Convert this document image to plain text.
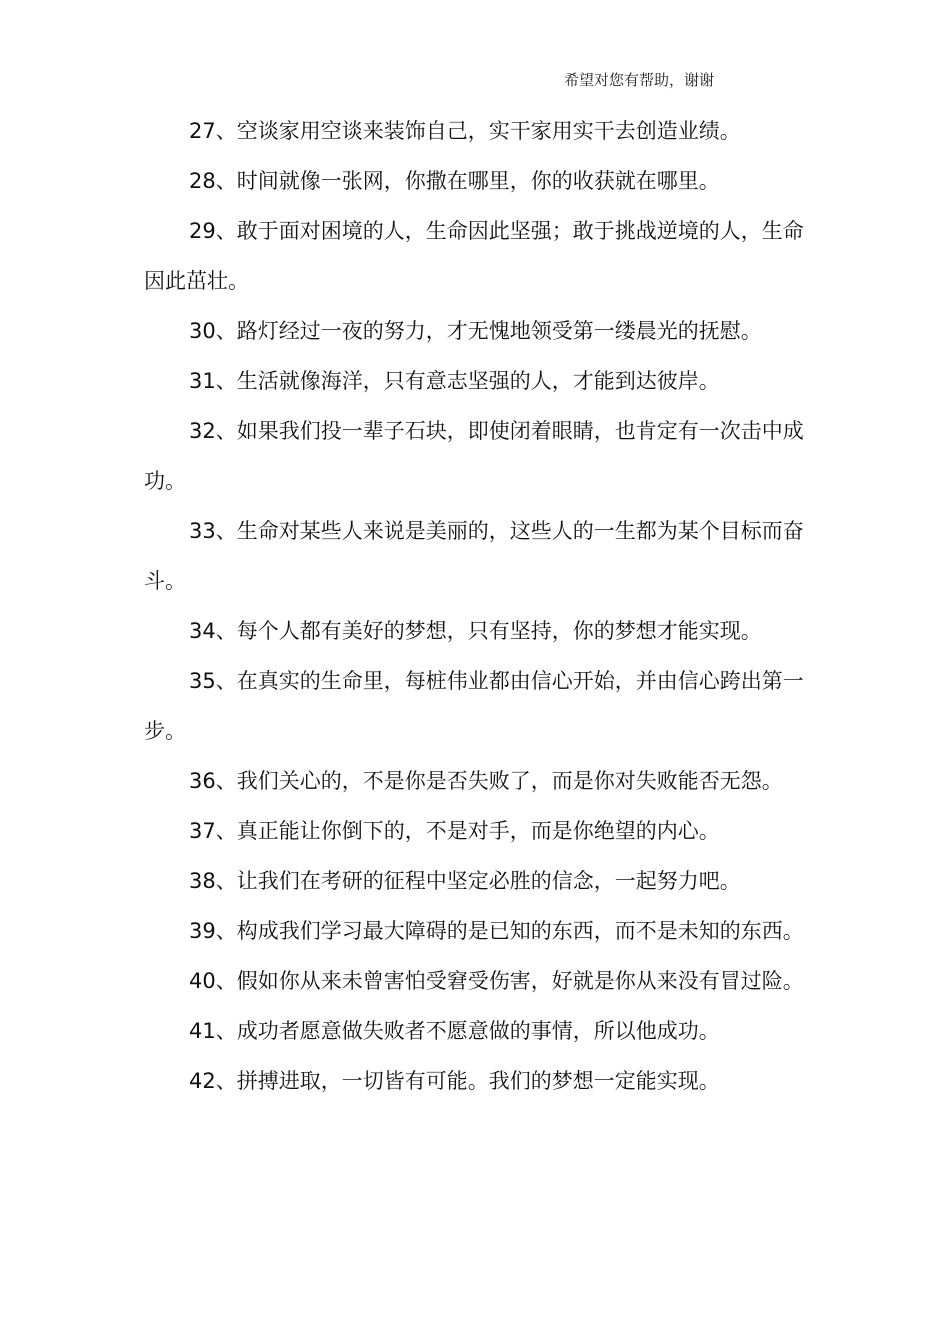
希望对您有帮助，谢谢

27、空谈家用空谈来装饰自己，实干家用实干去创造业绩。

28、时间就像一张网，你撒在哪里，你的收获就在哪里。

29、敢于面对困境的人，生命因此坚强；敢于挑战逆境的人，生命因此茁壮。

30、路灯经过一夜的努力，才无愧地领受第一缕晨光的抚慰。

31、生活就像海洋，只有意志坚强的人，才能到达彼岸。

32、如果我们投一辈子石块，即使闭着眼睛，也肯定有一次击中成功。

33、生命对某些人来说是美丽的，这些人的一生都为某个目标而奋斗。

34、每个人都有美好的梦想，只有坚持，你的梦想才能实现。

35、在真实的生命里，每桩伟业都由信心开始，并由信心跨出第一步。

36、我们关心的，不是你是否失败了，而是你对失败能否无怨。

37、真正能让你倒下的，不是对手，而是你绝望的内心。

38、让我们在考研的征程中坚定必胜的信念，一起努力吧。

39、构成我们学习最大障碍的是已知的东西，而不是未知的东西。

40、假如你从来未曾害怕受窘受伤害，好就是你从来没有冒过险。

41、成功者愿意做失败者不愿意做的事情，所以他成功。

42、拼搏进取，一切皆有可能。我们的梦想一定能实现。
